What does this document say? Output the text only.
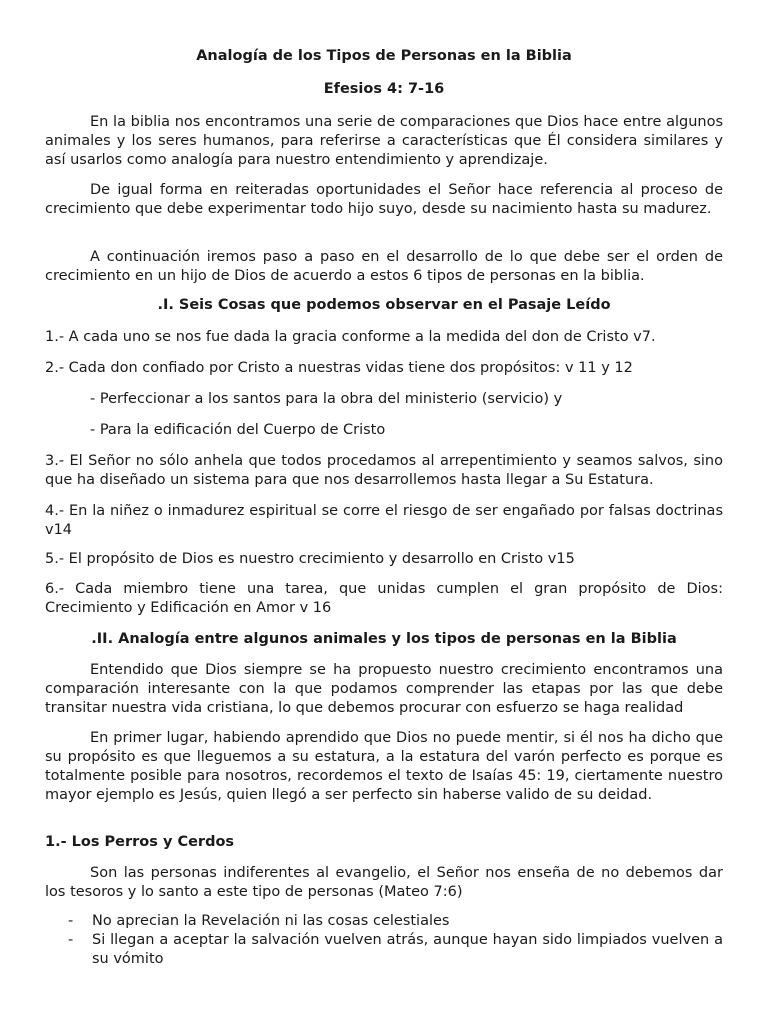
Analogía de los Tipos de Personas en la Biblia
Efesios 4: 7-16

En la biblia nos encontramos una serie de comparaciones que Dios hace entre algunos animales y los seres humanos, para referirse a características que Él considera similares y así usarlos como analogía para nuestro entendimiento y aprendizaje.

De igual forma en reiteradas oportunidades el Señor hace referencia al proceso de crecimiento que debe experimentar todo hijo suyo, desde su nacimiento hasta su madurez.

A continuación iremos paso a paso en el desarrollo de lo que debe ser el orden de crecimiento en un hijo de Dios de acuerdo a estos 6 tipos de personas en la biblia.

.I. Seis Cosas que podemos observar en el Pasaje Leído

1.- A cada uno se nos fue dada la gracia conforme a la medida del don de Cristo v7.

2.- Cada don confiado por Cristo a nuestras vidas tiene dos propósitos: v 11 y 12

- Perfeccionar a los santos para la obra del ministerio (servicio) y

- Para la edificación del Cuerpo de Cristo

3.- El Señor no sólo anhela que todos procedamos al arrepentimiento y seamos salvos, sino que ha diseñado un sistema para que nos desarrollemos hasta llegar a Su Estatura.

4.- En la niñez o inmadurez espiritual se corre el riesgo de ser engañado por falsas doctrinas v14

5.- El propósito de Dios es nuestro crecimiento y desarrollo en Cristo v15

6.- Cada miembro tiene una tarea, que unidas cumplen el gran propósito de Dios: Crecimiento y Edificación en Amor v 16

.II. Analogía entre algunos animales y los tipos de personas en la Biblia

Entendido que Dios siempre se ha propuesto nuestro crecimiento encontramos una comparación interesante con la que podamos comprender las etapas por las que debe transitar nuestra vida cristiana, lo que debemos procurar con esfuerzo se haga realidad

En primer lugar, habiendo aprendido que Dios no puede mentir, si él nos ha dicho que su propósito es que lleguemos a su estatura, a la estatura del varón perfecto es porque es totalmente posible para nosotros, recordemos el texto de Isaías 45: 19, ciertamente nuestro mayor ejemplo es Jesús, quien llegó a ser perfecto sin haberse valido de su deidad.

1.- Los Perros y Cerdos

Son las personas indiferentes al evangelio, el Señor nos enseña de no debemos dar los tesoros y lo santo a este tipo de personas (Mateo 7:6)

- No aprecian la Revelación ni las cosas celestiales
- Si llegan a aceptar la salvación vuelven atrás, aunque hayan sido limpiados vuelven a su vómito
